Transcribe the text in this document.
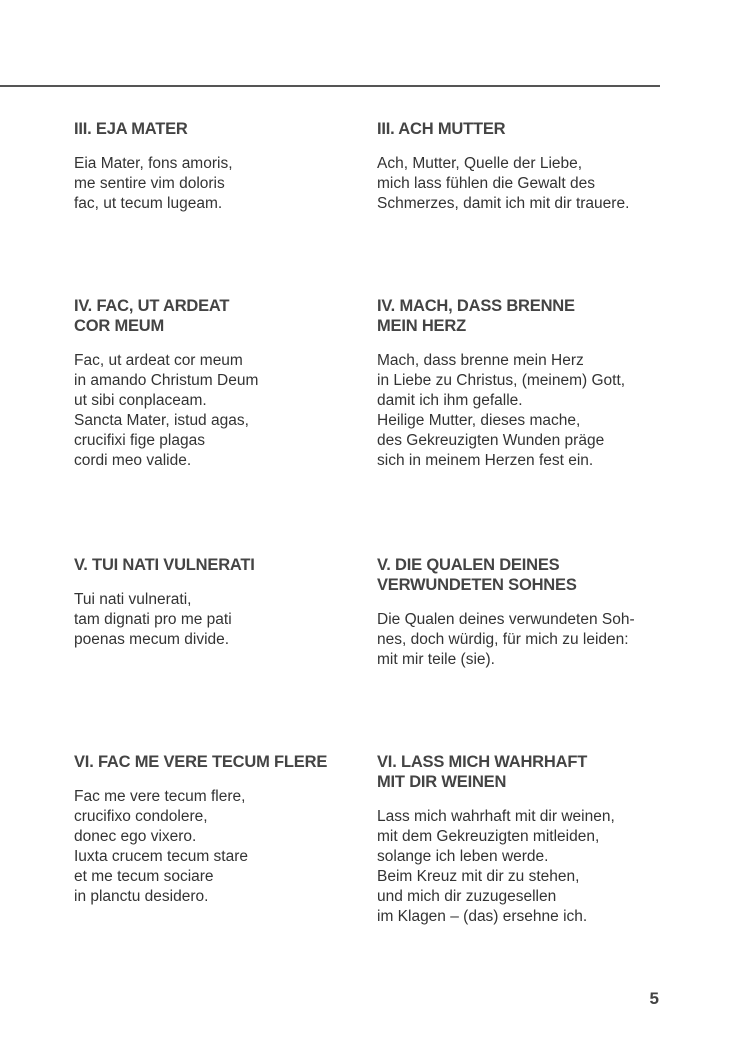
III. EJA MATER
Eia Mater, fons amoris,
me sentire vim doloris
fac, ut tecum lugeam.
III. ACH MUTTER
Ach, Mutter, Quelle der Liebe,
mich lass fühlen die Gewalt des
Schmerzes, damit ich mit dir trauere.
IV. FAC, UT ARDEAT
COR MEUM
Fac, ut ardeat cor meum
in amando Christum Deum
ut sibi conplaceam.
Sancta Mater, istud agas,
crucifixi fige plagas
cordi meo valide.
IV. MACH, DASS BRENNE
MEIN HERZ
Mach, dass brenne mein Herz
in Liebe zu Christus, (meinem) Gott,
damit ich ihm gefalle.
Heilige Mutter, dieses mache,
des Gekreuzigten Wunden präge
sich in meinem Herzen fest ein.
V. TUI NATI VULNERATI
Tui nati vulnerati,
tam dignati pro me pati
poenas mecum divide.
V. DIE QUALEN DEINES
VERWUNDETEN SOHNES
Die Qualen deines verwundeten Soh-
nes, doch würdig, für mich zu leiden:
mit mir teile (sie).
VI. FAC ME VERE TECUM FLERE
Fac me vere tecum flere,
crucifixo condolere,
donec ego vixero.
Iuxta crucem tecum stare
et me tecum sociare
in planctu desidero.
VI. LASS MICH WAHRHAFT
MIT DIR WEINEN
Lass mich wahrhaft mit dir weinen,
mit dem Gekreuzigten mitleiden,
solange ich leben werde.
Beim Kreuz mit dir zu stehen,
und mich dir zuzugesellen
im Klagen – (das) ersehne ich.
5
